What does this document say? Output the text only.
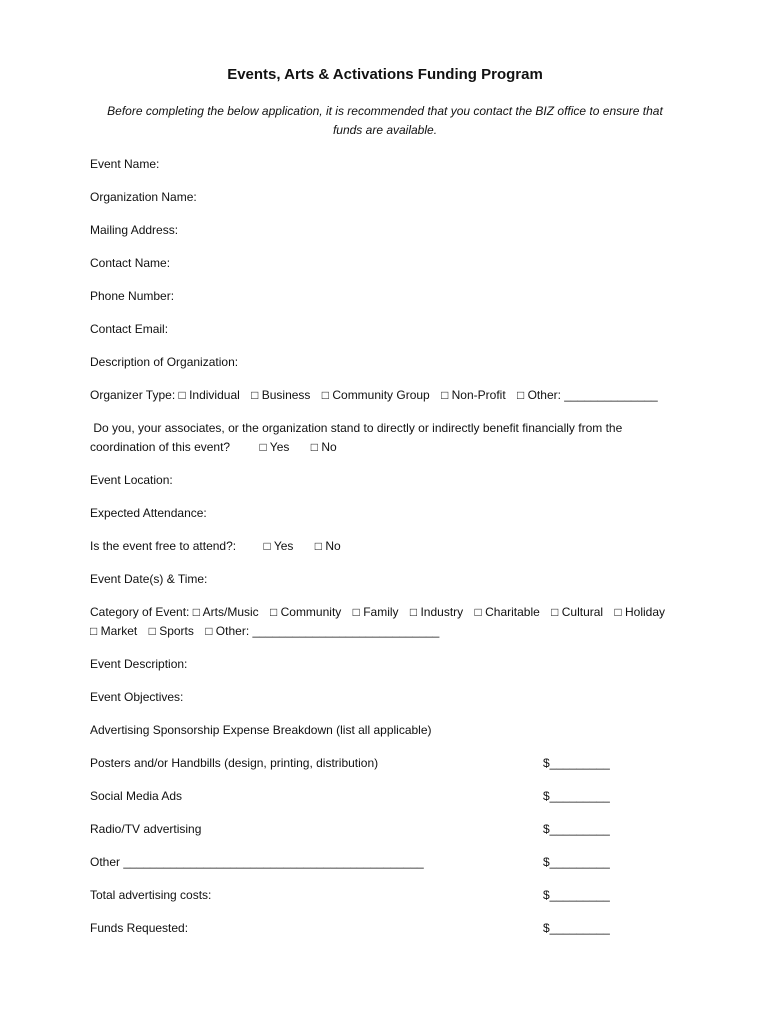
Events, Arts & Activations Funding Program
Before completing the below application, it is recommended that you contact the BIZ office to ensure that funds are available.
Event Name:
Organization Name:
Mailing Address:
Contact Name:
Phone Number:
Contact Email:
Description of Organization:
Organizer Type: □ Individual □ Business □ Community Group □ Non-Profit □ Other: ______________
Do you, your associates, or the organization stand to directly or indirectly benefit financially from the
coordination of this event? □ Yes □ No
Event Location:
Expected Attendance:
Is the event free to attend?: □ Yes □ No
Event Date(s) & Time:
Category of Event: □ Arts/Music □ Community □ Family □ Industry □ Charitable □ Cultural □ Holiday
□ Market □ Sports □ Other: ____________________________
Event Description:
Event Objectives:
Advertising Sponsorship Expense Breakdown (list all applicable)
Posters and/or Handbills (design, printing, distribution)	$_________
Social Media Ads	$_________
Radio/TV advertising	$_________
Other _____________________________________________	$_________
Total advertising costs:	$_________
Funds Requested:	$_________
